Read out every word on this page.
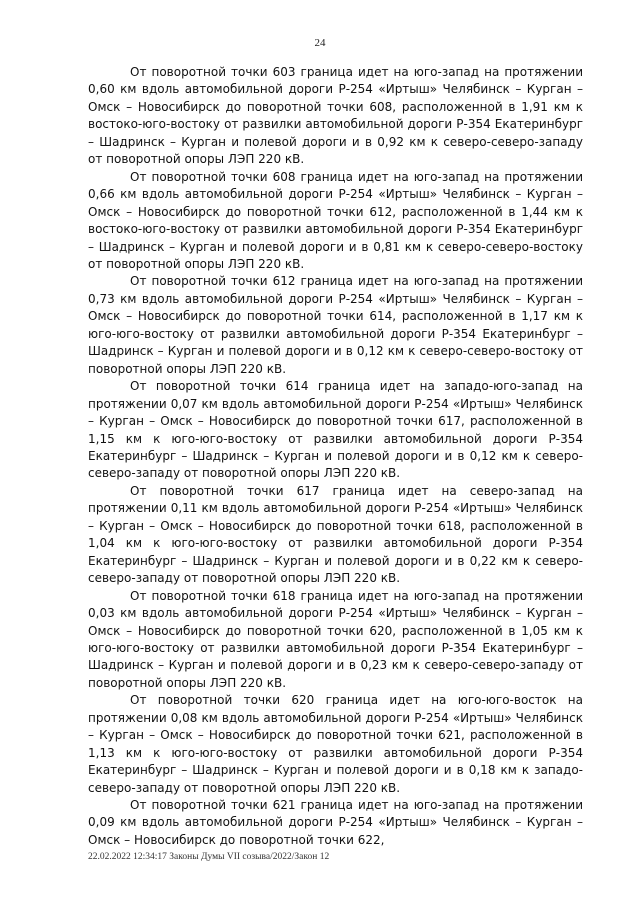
24

От поворотной точки 603 граница идет на юго-запад на протяжении 0,60 км вдоль автомобильной дороги Р-254 «Иртыш» Челябинск – Курган – Омск – Новосибирск до поворотной точки 608, расположенной в 1,91 км к востоко-юго-востоку от развилки автомобильной дороги Р-354 Екатеринбург – Шадринск – Курган и полевой дороги и в 0,92 км к северо-северо-западу от поворотной опоры ЛЭП 220 кВ.

От поворотной точки 608 граница идет на юго-запад на протяжении 0,66 км вдоль автомобильной дороги Р-254 «Иртыш» Челябинск – Курган – Омск – Новосибирск до поворотной точки 612, расположенной в 1,44 км к востоко-юго-востоку от развилки автомобильной дороги Р-354 Екатеринбург – Шадринск – Курган и полевой дороги и в 0,81 км к северо-северо-востоку от поворотной опоры ЛЭП 220 кВ.

От поворотной точки 612 граница идет на юго-запад на протяжении 0,73 км вдоль автомобильной дороги Р-254 «Иртыш» Челябинск – Курган – Омск – Новосибирск до поворотной точки 614, расположенной в 1,17 км к юго-юго-востоку от развилки автомобильной дороги Р-354 Екатеринбург – Шадринск – Курган и полевой дороги и в 0,12 км к северо-северо-востоку от поворотной опоры ЛЭП 220 кВ.

От поворотной точки 614 граница идет на западо-юго-запад на протяжении 0,07 км вдоль автомобильной дороги Р-254 «Иртыш» Челябинск – Курган – Омск – Новосибирск до поворотной точки 617, расположенной в 1,15 км к юго-юго-востоку от развилки автомобильной дороги Р-354 Екатеринбург – Шадринск – Курган и полевой дороги и в 0,12 км к северо-северо-западу от поворотной опоры ЛЭП 220 кВ.

От поворотной точки 617 граница идет на северо-запад на протяжении 0,11 км вдоль автомобильной дороги Р-254 «Иртыш» Челябинск – Курган – Омск – Новосибирск до поворотной точки 618, расположенной в 1,04 км к юго-юго-востоку от развилки автомобильной дороги Р-354 Екатеринбург – Шадринск – Курган и полевой дороги и в 0,22 км к северо-северо-западу от поворотной опоры ЛЭП 220 кВ.

От поворотной точки 618 граница идет на юго-запад на протяжении 0,03 км вдоль автомобильной дороги Р-254 «Иртыш» Челябинск – Курган – Омск – Новосибирск до поворотной точки 620, расположенной в 1,05 км к юго-юго-востоку от развилки автомобильной дороги Р-354 Екатеринбург – Шадринск – Курган и полевой дороги и в 0,23 км к северо-северо-западу от поворотной опоры ЛЭП 220 кВ.

От поворотной точки 620 граница идет на юго-юго-восток на протяжении 0,08 км вдоль автомобильной дороги Р-254 «Иртыш» Челябинск – Курган – Омск – Новосибирск до поворотной точки 621, расположенной в 1,13 км к юго-юго-востоку от развилки автомобильной дороги Р-354 Екатеринбург – Шадринск – Курган и полевой дороги и в 0,18 км к западо-северо-западу от поворотной опоры ЛЭП 220 кВ.

От поворотной точки 621 граница идет на юго-запад на протяжении 0,09 км вдоль автомобильной дороги Р-254 «Иртыш» Челябинск – Курган – Омск – Новосибирск до поворотной точки 622,

22.02.2022 12:34:17 Законы Думы VII созыва/2022/Закон 12
